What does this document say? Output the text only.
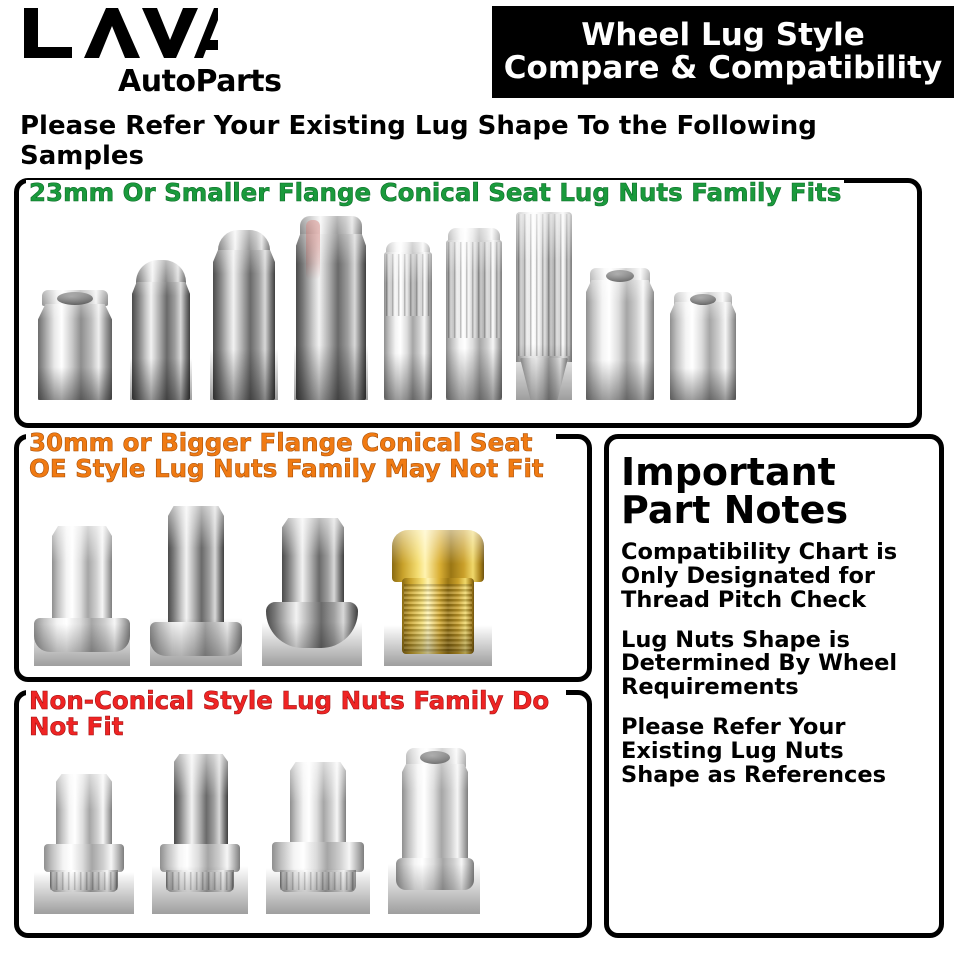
AutoParts
Wheel Lug Style
Compare & Compatibility
Please Refer Your Existing Lug Shape To the Following Samples
23mm Or Smaller Flange Conical Seat Lug Nuts Family Fits
30mm or Bigger Flange Conical Seat OE Style Lug Nuts Family May Not Fit
Non-Conical Style Lug Nuts Family Do Not Fit
Important Part Notes
Compatibility Chart is Only Designated for Thread Pitch Check
Lug Nuts Shape is Determined By Wheel Requirements
Please Refer Your Existing Lug Nuts Shape as References
